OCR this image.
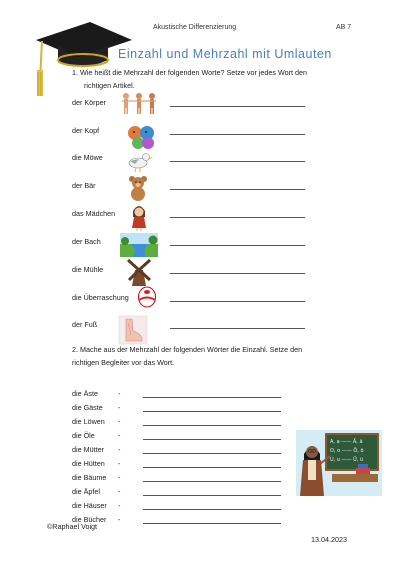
Akustische Differenzierung	AB 7
Einzahl und Mehrzahl mit Umlauten
1. Wie heißt die Mehrzahl der folgenden Worte? Setze vor jedes Wort den
richtigen Artikel.
der Körper
der Kopf
die Möwe
der Bär
das Mädchen
der Bach
die Mühle
die Überraschung
der Fuß
2. Mache aus der Mehrzahl der folgenden Wörter die Einzahl. Setze den
richtigen Begleiter vor das Wort.
die Äste	-
die Gäste -
die Löwen -
die Öle	-
die Mütter -
die Hütten -
die Bäume -
die Äpfel	-
die Häuser -
die Bücher -
A, a —— Ä, ä
O, o —— Ö, ö
U, u —— Ü, ü
©Raphael Voigt
13.04.2023
